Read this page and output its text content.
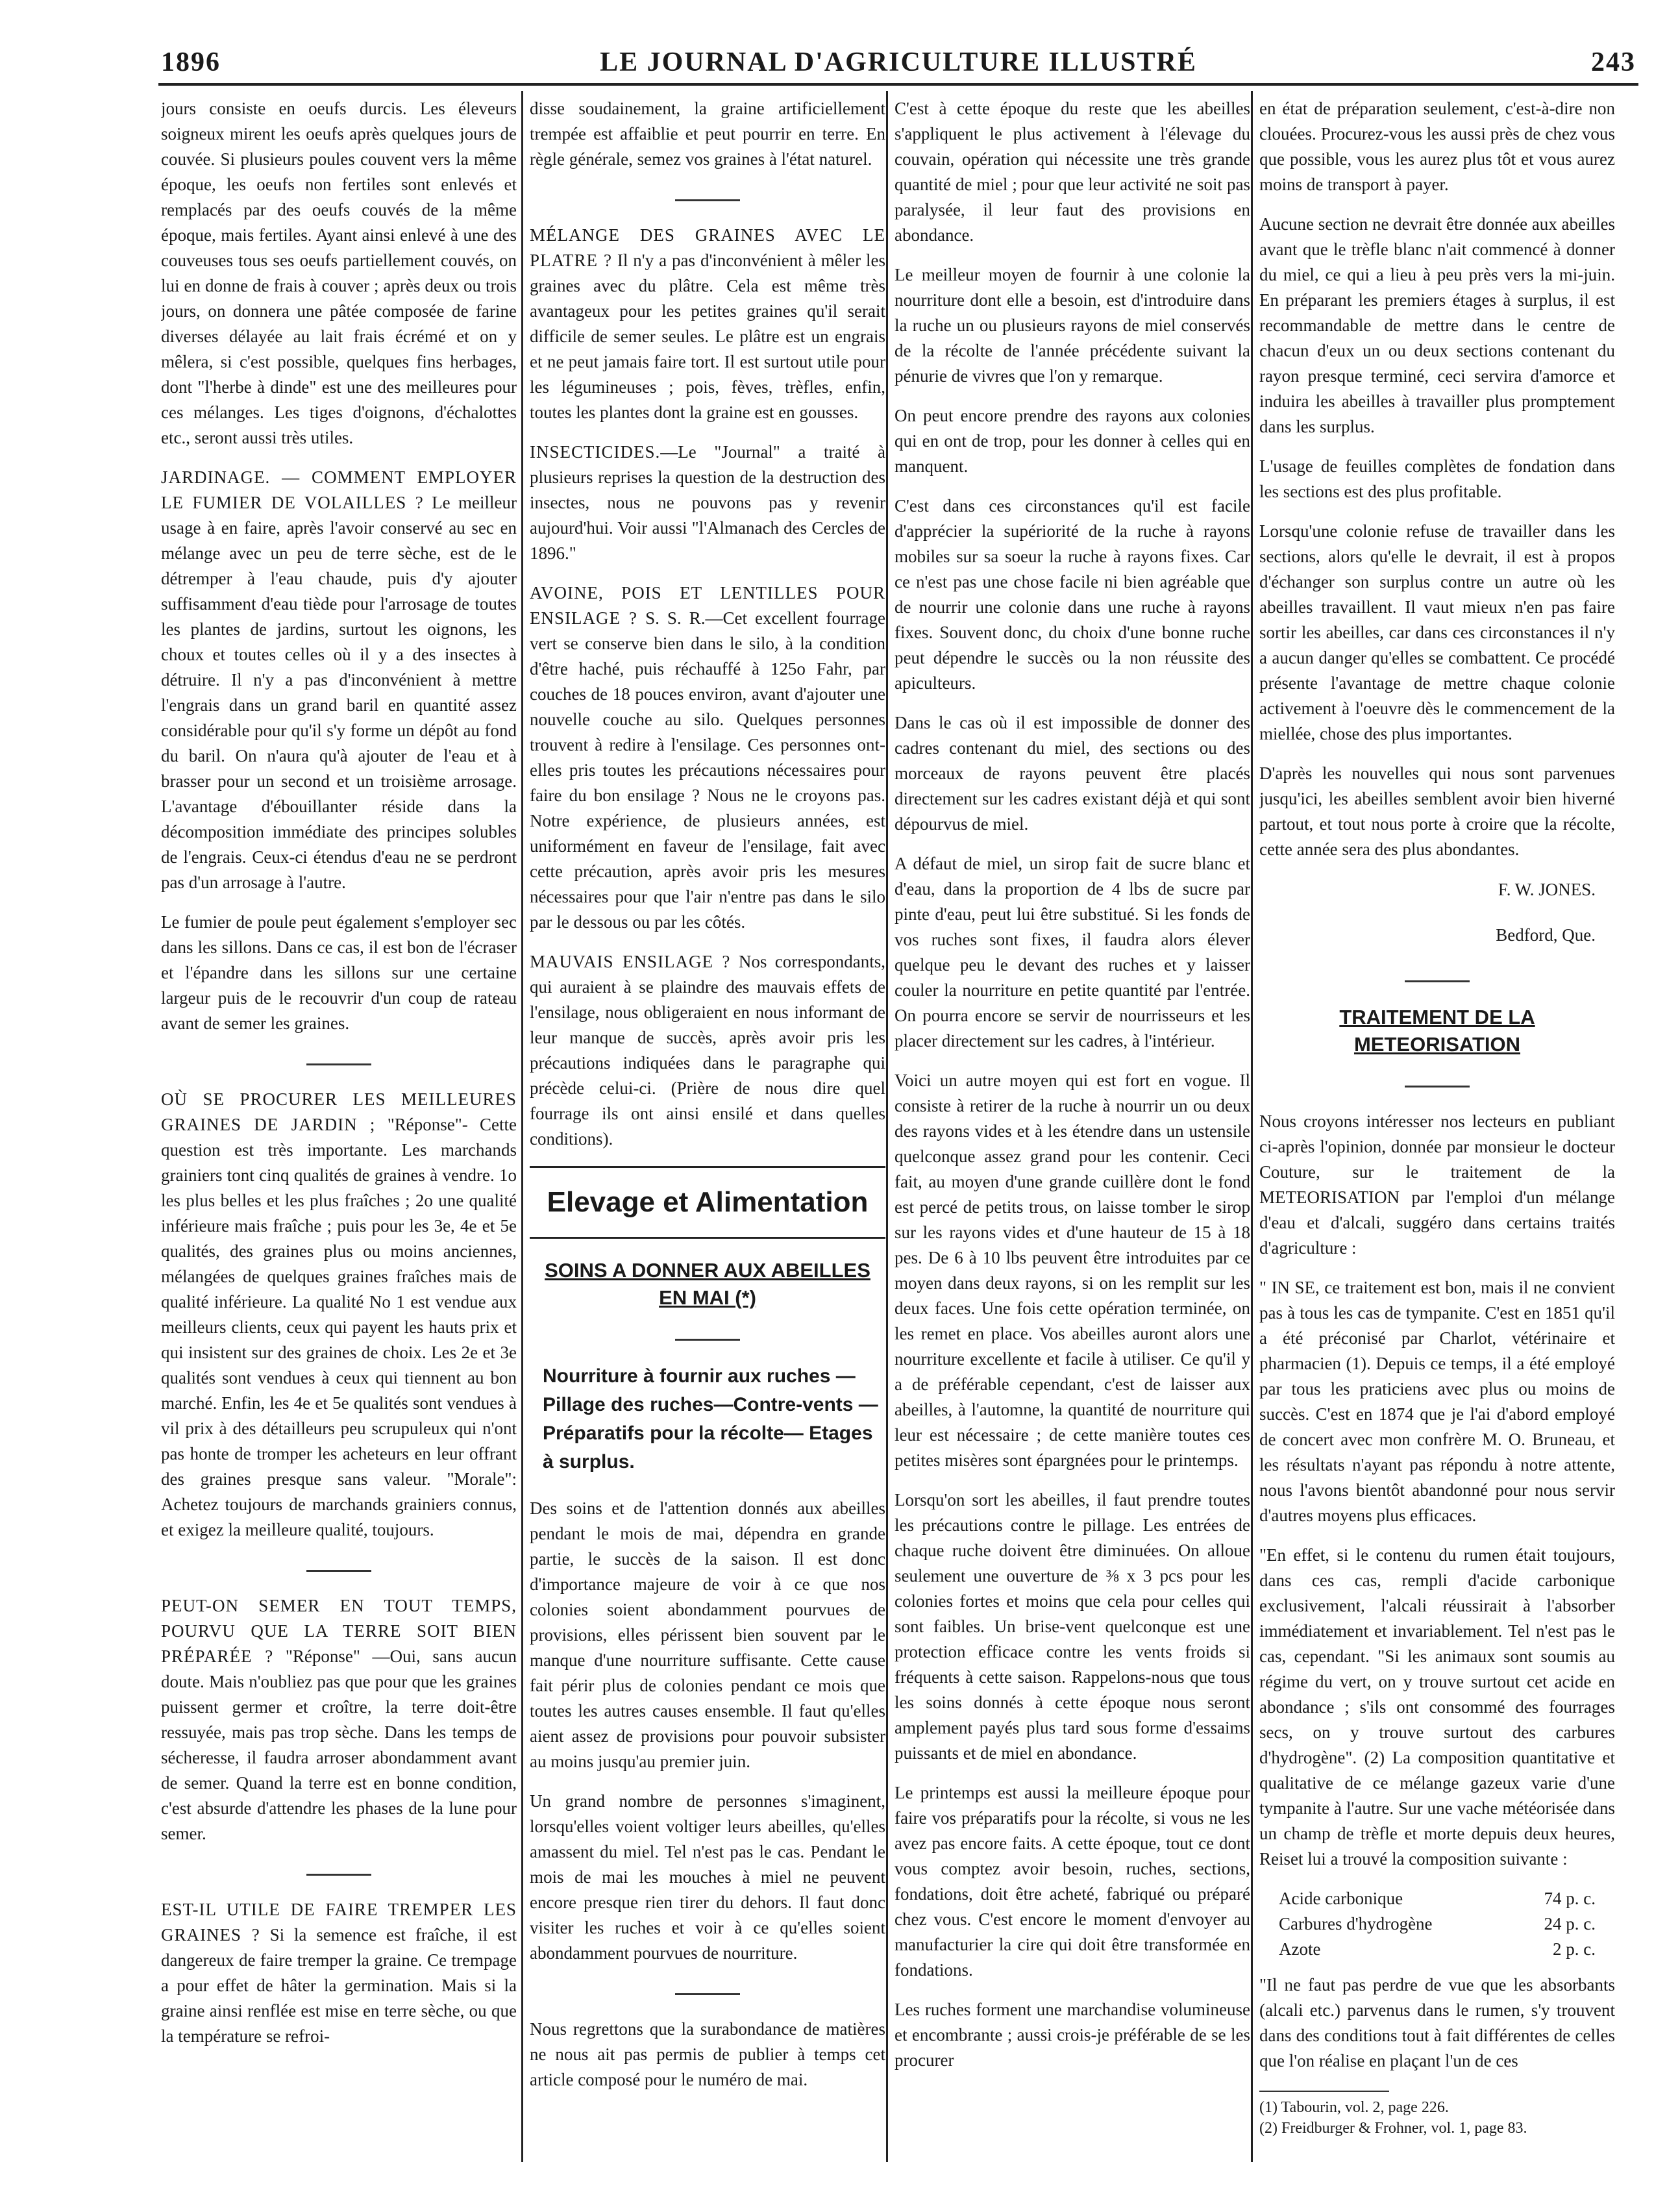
1896	LE JOURNAL D'AGRICULTURE ILLUSTRÉ	243

jours consiste en oeufs durcis. Les éleveurs soigneux mirent les oeufs après quelques jours de couvée. Si plusieurs poules couvent vers la même époque, les oeufs non fertiles sont enlevés et remplacés par des oeufs couvés de la même époque, mais fertiles. Ayant ainsi enlevé à une des couveuses tous ses oeufs partiellement couvés, on lui en donne de frais à couver ; après deux ou trois jours, on donnera une pâtée composée de farine diverses délayée au lait frais écrémé et on y mêlera, si c'est possible, quelques fins herbages, dont "l'herbe à dinde" est une des meilleures pour ces mélanges. Les tiges d'oignons, d'échalottes etc., seront aussi très utiles.

JARDINAGE. — COMMENT EMPLOYER LE FUMIER DE VOLAILLES ? Le meilleur usage à en faire, après l'avoir conservé au sec en mélange avec un peu de terre sèche, est de le détremper à l'eau chaude, puis d'y ajouter suffisamment d'eau tiède pour l'arrosage de toutes les plantes de jardins, surtout les oignons, les choux et toutes celles où il y a des insectes à détruire. Il n'y a pas d'inconvénient à mettre l'engrais dans un grand baril en quantité assez considérable pour qu'il s'y forme un dépôt au fond du baril. On n'aura qu'à ajouter de l'eau et à brasser pour un second et un troisième arrosage. L'avantage d'ébouillanter réside dans la décomposition immédiate des principes solubles de l'engrais. Ceux-ci étendus d'eau ne se perdront pas d'un arrosage à l'autre.

Le fumier de poule peut également s'employer sec dans les sillons. Dans ce cas, il est bon de l'écraser et l'épandre dans les sillons sur une certaine largeur puis de le recouvrir d'un coup de rateau avant de semer les graines.

OÙ SE PROCURER LES MEILLEURES GRAINES DE JARDIN ; "Réponse"- Cette question est très importante. Les marchands grainiers tont cinq qualités de graines à vendre. 1o les plus belles et les plus fraîches ; 2o une qualité inférieure mais fraîche ; puis pour les 3e, 4e et 5e qualités, des graines plus ou moins anciennes, mélangées de quelques graines fraîches mais de qualité inférieure. La qualité No 1 est vendue aux meilleurs clients, ceux qui payent les hauts prix et qui insistent sur des graines de choix. Les 2e et 3e qualités sont vendues à ceux qui tiennent au bon marché. Enfin, les 4e et 5e qualités sont vendues à vil prix à des détailleurs peu scrupuleux qui n'ont pas honte de tromper les acheteurs en leur offrant des graines presque sans valeur. "Morale": Achetez toujours de marchands grainiers connus, et exigez la meilleure qualité, toujours.

PEUT-ON SEMER EN TOUT TEMPS, POURVU QUE LA TERRE SOIT BIEN PRÉPARÉE ? "Réponse" —Oui, sans aucun doute. Mais n'oubliez pas que pour que les graines puissent germer et croître, la terre doit-être ressuyée, mais pas trop sèche. Dans les temps de sécheresse, il faudra arroser abondamment avant de semer. Quand la terre est en bonne condition, c'est absurde d'attendre les phases de la lune pour semer.

EST-IL UTILE DE FAIRE TREMPER LES GRAINES ? Si la semence est fraîche, il est dangereux de faire tremper la graine. Ce trempage a pour effet de hâter la germination. Mais si la graine ainsi renflée est mise en terre sèche, ou que la température se refroi-

disse soudainement, la graine artificiellement trempée est affaiblie et peut pourrir en terre. En règle générale, semez vos graines à l'état naturel.

MÉLANGE DES GRAINES AVEC LE PLATRE ? Il n'y a pas d'inconvénient à mêler les graines avec du plâtre. Cela est même très avantageux pour les petites graines qu'il serait difficile de semer seules. Le plâtre est un engrais et ne peut jamais faire tort. Il est surtout utile pour les légumineuses ; pois, fèves, trèfles, enfin, toutes les plantes dont la graine est en gousses.

INSECTICIDES.—Le "Journal" a traité à plusieurs reprises la question de la destruction des insectes, nous ne pouvons pas y revenir aujourd'hui. Voir aussi "l'Almanach des Cercles de 1896."

AVOINE, POIS ET LENTILLES POUR ENSILAGE ? S. S. R.—Cet excellent fourrage vert se conserve bien dans le silo, à la condition d'être haché, puis réchauffé à 125o Fahr, par couches de 18 pouces environ, avant d'ajouter une nouvelle couche au silo. Quelques personnes trouvent à redire à l'ensilage. Ces personnes ont-elles pris toutes les précautions nécessaires pour faire du bon ensilage ? Nous ne le croyons pas. Notre expérience, de plusieurs années, est uniformément en faveur de l'ensilage, fait avec cette précaution, après avoir pris les mesures nécessaires pour que l'air n'entre pas dans le silo par le dessous ou par les côtés.

MAUVAIS ENSILAGE ? Nos correspondants, qui auraient à se plaindre des mauvais effets de l'ensilage, nous obligeraient en nous informant de leur manque de succès, après avoir pris les précautions indiquées dans le paragraphe qui précède celui-ci. (Prière de nous dire quel fourrage ils ont ainsi ensilé et dans quelles conditions).

Elevage et Alimentation
SOINS A DONNER AUX ABEILLES EN MAI (*)
Nourriture à fournir aux ruches — Pillage des ruches—Contre-vents —Préparatifs pour la récolte— Etages à surplus.

Des soins et de l'attention donnés aux abeilles pendant le mois de mai, dépendra en grande partie, le succès de la saison. Il est donc d'importance majeure de voir à ce que nos colonies soient abondamment pourvues de provisions, elles périssent bien souvent par le manque d'une nourriture suffisante. Cette cause fait périr plus de colonies pendant ce mois que toutes les autres causes ensemble. Il faut qu'elles aient assez de provisions pour pouvoir subsister au moins jusqu'au premier juin.

Un grand nombre de personnes s'imaginent, lorsqu'elles voient voltiger leurs abeilles, qu'elles amassent du miel. Tel n'est pas le cas. Pendant le mois de mai les mouches à miel ne peuvent encore presque rien tirer du dehors. Il faut donc visiter les ruches et voir à ce qu'elles soient abondamment pourvues de nourriture.

Nous regrettons que la surabondance de matières ne nous ait pas permis de publier à temps cet article composé pour le numéro de mai.

C'est à cette époque du reste que les abeilles s'appliquent le plus activement à l'élevage du couvain, opération qui nécessite une très grande quantité de miel ; pour que leur activité ne soit pas paralysée, il leur faut des provisions en abondance.

Le meilleur moyen de fournir à une colonie la nourriture dont elle a besoin, est d'introduire dans la ruche un ou plusieurs rayons de miel conservés de la récolte de l'année précédente suivant la pénurie de vivres que l'on y remarque.

On peut encore prendre des rayons aux colonies qui en ont de trop, pour les donner à celles qui en manquent.

C'est dans ces circonstances qu'il est facile d'apprécier la supériorité de la ruche à rayons mobiles sur sa soeur la ruche à rayons fixes. Car ce n'est pas une chose facile ni bien agréable que de nourrir une colonie dans une ruche à rayons fixes. Souvent donc, du choix d'une bonne ruche peut dépendre le succès ou la non réussite des apiculteurs.

Dans le cas où il est impossible de donner des cadres contenant du miel, des sections ou des morceaux de rayons peuvent être placés directement sur les cadres existant déjà et qui sont dépourvus de miel.

A défaut de miel, un sirop fait de sucre blanc et d'eau, dans la proportion de 4 lbs de sucre par pinte d'eau, peut lui être substitué. Si les fonds de vos ruches sont fixes, il faudra alors élever quelque peu le devant des ruches et y laisser couler la nourriture en petite quantité par l'entrée. On pourra encore se servir de nourrisseurs et les placer directement sur les cadres, à l'intérieur.

Voici un autre moyen qui est fort en vogue. Il consiste à retirer de la ruche à nourrir un ou deux des rayons vides et à les étendre dans un ustensile quelconque assez grand pour les contenir. Ceci fait, au moyen d'une grande cuillère dont le fond est percé de petits trous, on laisse tomber le sirop sur les rayons vides et d'une hauteur de 15 à 18 pes. De 6 à 10 lbs peuvent être introduites par ce moyen dans deux rayons, si on les remplit sur les deux faces. Une fois cette opération terminée, on les remet en place. Vos abeilles auront alors une nourriture excellente et facile à utiliser. Ce qu'il y a de préférable cependant, c'est de laisser aux abeilles, à l'automne, la quantité de nourriture qui leur est nécessaire ; de cette manière toutes ces petites misères sont épargnées pour le printemps.

Lorsqu'on sort les abeilles, il faut prendre toutes les précautions contre le pillage. Les entrées de chaque ruche doivent être diminuées. On alloue seulement une ouverture de ⅜ x 3 pcs pour les colonies fortes et moins que cela pour celles qui sont faibles. Un brise-vent quelconque est une protection efficace contre les vents froids si fréquents à cette saison. Rappelons-nous que tous les soins donnés à cette époque nous seront amplement payés plus tard sous forme d'essaims puissants et de miel en abondance.

Le printemps est aussi la meilleure époque pour faire vos préparatifs pour la récolte, si vous ne les avez pas encore faits. A cette époque, tout ce dont vous comptez avoir besoin, ruches, sections, fondations, doit être acheté, fabriqué ou préparé chez vous. C'est encore le moment d'envoyer au manufacturier la cire qui doit être transformée en fondations.

Les ruches forment une marchandise volumineuse et encombrante ; aussi crois-je préférable de se les procurer

en état de préparation seulement, c'est-à-dire non clouées. Procurez-vous les aussi près de chez vous que possible, vous les aurez plus tôt et vous aurez moins de transport à payer.

Aucune section ne devrait être donnée aux abeilles avant que le trèfle blanc n'ait commencé à donner du miel, ce qui a lieu à peu près vers la mi-juin. En préparant les premiers étages à surplus, il est recommandable de mettre dans le centre de chacun d'eux un ou deux sections contenant du rayon presque terminé, ceci servira d'amorce et induira les abeilles à travailler plus promptement dans les surplus.

L'usage de feuilles complètes de fondation dans les sections est des plus profitable.

Lorsqu'une colonie refuse de travailler dans les sections, alors qu'elle le devrait, il est à propos d'échanger son surplus contre un autre où les abeilles travaillent. Il vaut mieux n'en pas faire sortir les abeilles, car dans ces circonstances il n'y a aucun danger qu'elles se combattent. Ce procédé présente l'avantage de mettre chaque colonie activement à l'oeuvre dès le commencement de la miellée, chose des plus importantes.

D'après les nouvelles qui nous sont parvenues jusqu'ici, les abeilles semblent avoir bien hiverné partout, et tout nous porte à croire que la récolte, cette année sera des plus abondantes.

F. W. JONES.
Bedford, Que.
TRAITEMENT DE LA METEORISATION

Nous croyons intéresser nos lecteurs en publiant ci-après l'opinion, donnée par monsieur le docteur Couture, sur le traitement de la METEORISATION par l'emploi d'un mélange d'eau et d'alcali, suggéro dans certains traités d'agriculture :

" IN SE, ce traitement est bon, mais il ne convient pas à tous les cas de tympanite. C'est en 1851 qu'il a été préconisé par Charlot, vétérinaire et pharmacien (1). Depuis ce temps, il a été employé par tous les praticiens avec plus ou moins de succès. C'est en 1874 que je l'ai d'abord employé de concert avec mon confrère M. O. Bruneau, et les résultats n'ayant pas répondu à notre attente, nous l'avons bientôt abandonné pour nous servir d'autres moyens plus efficaces.

"En effet, si le contenu du rumen était toujours, dans ces cas, rempli d'acide carbonique exclusivement, l'alcali réussirait à l'absorber immédiatement et invariablement. Tel n'est pas le cas, cependant. "Si les animaux sont soumis au régime du vert, on y trouve surtout cet acide en abondance ; s'ils ont consommé des fourrages secs, on y trouve surtout des carbures d'hydrogène". (2) La composition quantitative et qualitative de ce mélange gazeux varie d'une tympanite à l'autre. Sur une vache météorisée dans un champ de trèfle et morte depuis deux heures, Reiset lui a trouvé la composition suivante :

Acide carbonique	74 p. c.
Carbures d'hydrogène	24 p. c.
Azote	2 p. c.

"Il ne faut pas perdre de vue que les absorbants (alcali etc.) parvenus dans le rumen, s'y trouvent dans des conditions tout à fait différentes de celles que l'on réalise en plaçant l'un de ces

(1) Tabourin, vol. 2, page 226.
(2) Freidburger & Frohner, vol. 1, page 83.
